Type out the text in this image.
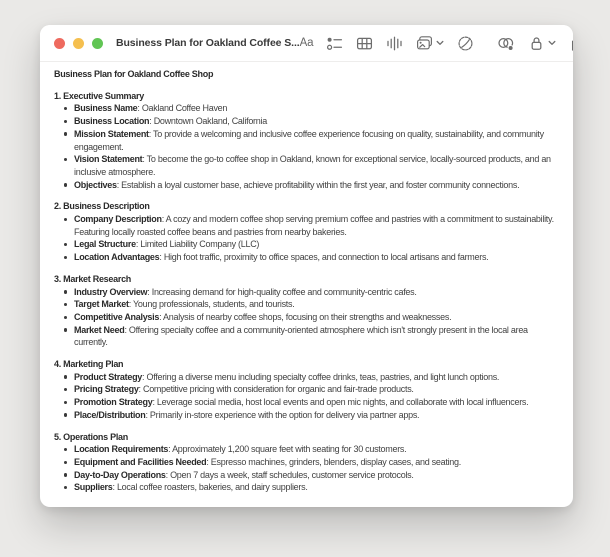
Business Plan for Oakland Coffee S... Aa
Business Plan for Oakland Coffee Shop
1. Executive Summary
Business Name: Oakland Coffee Haven
Business Location: Downtown Oakland, California
Mission Statement: To provide a welcoming and inclusive coffee experience focusing on quality, sustainability, and community engagement.
Vision Statement: To become the go-to coffee shop in Oakland, known for exceptional service, locally-sourced products, and an inclusive atmosphere.
Objectives: Establish a loyal customer base, achieve profitability within the first year, and foster community connections.
2. Business Description
Company Description: A cozy and modern coffee shop serving premium coffee and pastries with a commitment to sustainability. Featuring locally roasted coffee beans and pastries from nearby bakeries.
Legal Structure: Limited Liability Company (LLC)
Location Advantages: High foot traffic, proximity to office spaces, and connection to local artisans and farmers.
3. Market Research
Industry Overview: Increasing demand for high-quality coffee and community-centric cafes.
Target Market: Young professionals, students, and tourists.
Competitive Analysis: Analysis of nearby coffee shops, focusing on their strengths and weaknesses.
Market Need: Offering specialty coffee and a community-oriented atmosphere which isn't strongly present in the local area currently.
4. Marketing Plan
Product Strategy: Offering a diverse menu including specialty coffee drinks, teas, pastries, and light lunch options.
Pricing Strategy: Competitive pricing with consideration for organic and fair-trade products.
Promotion Strategy: Leverage social media, host local events and open mic nights, and collaborate with local influencers.
Place/Distribution: Primarily in-store experience with the option for delivery via partner apps.
5. Operations Plan
Location Requirements: Approximately 1,200 square feet with seating for 30 customers.
Equipment and Facilities Needed: Espresso machines, grinders, blenders, display cases, and seating.
Day-to-Day Operations: Open 7 days a week, staff schedules, customer service protocols.
Suppliers: Local coffee roasters, bakeries, and dairy suppliers.
